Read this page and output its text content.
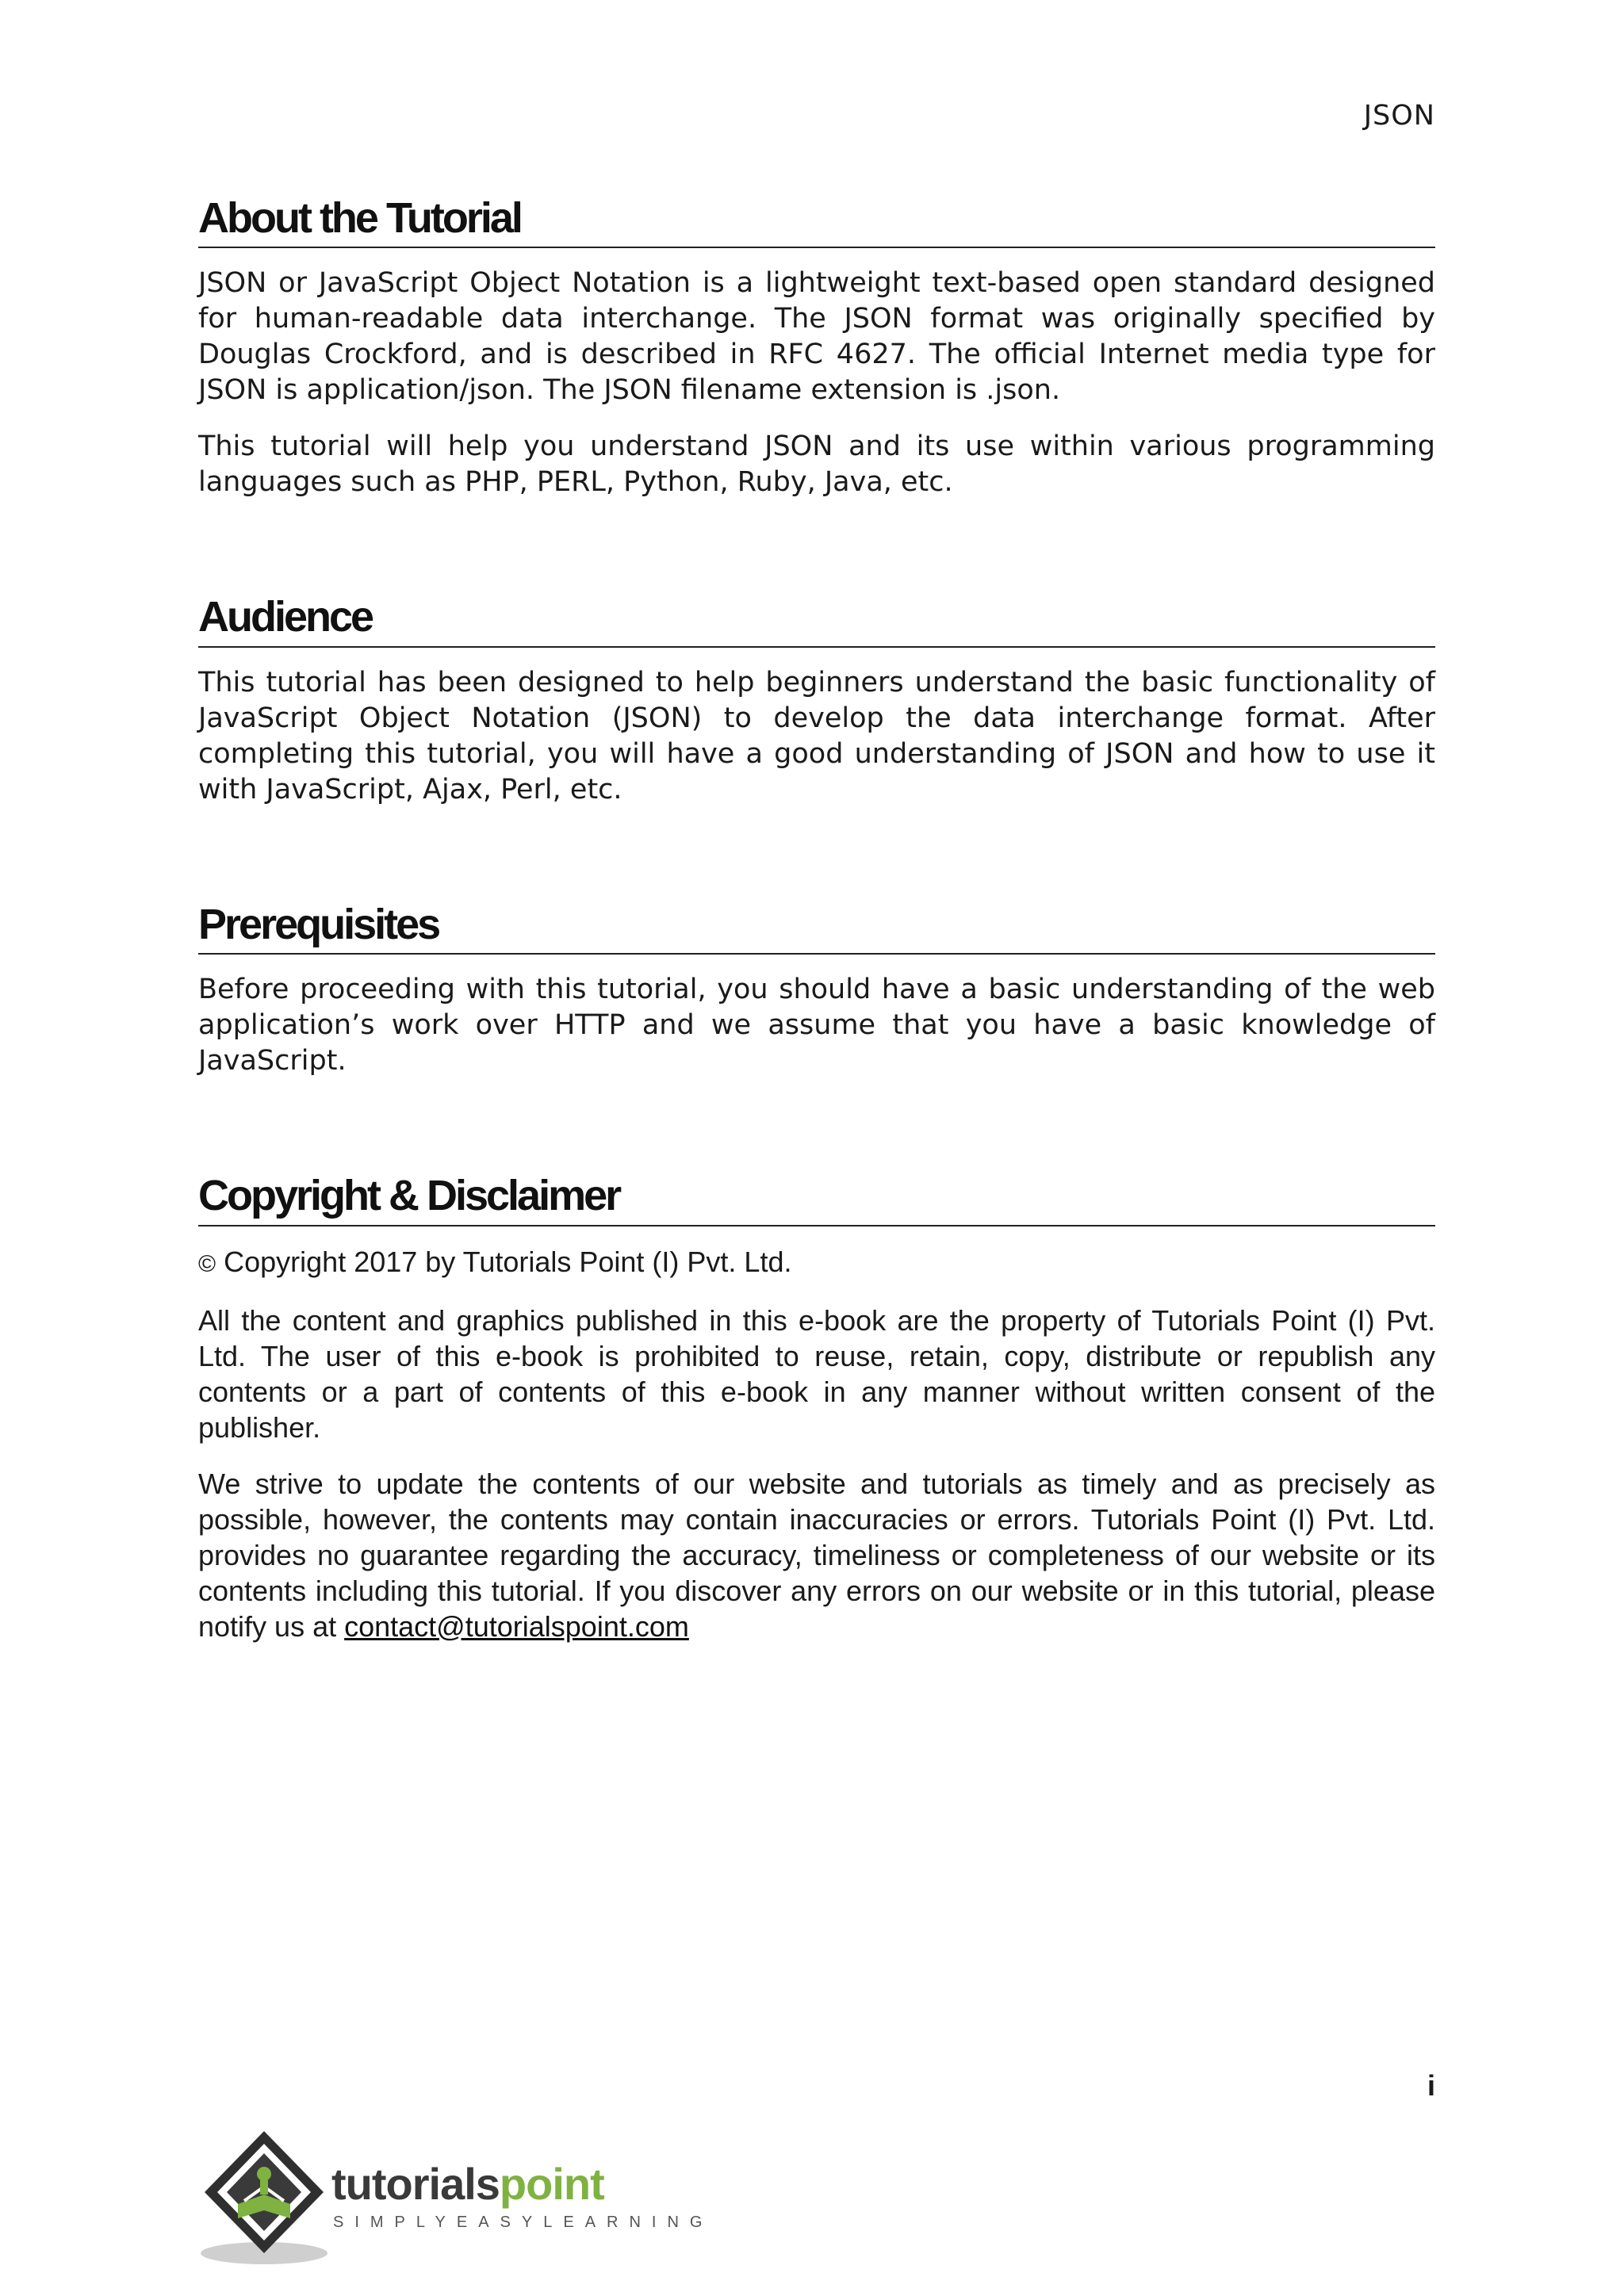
JSON
About the Tutorial

JSON or JavaScript Object Notation is a lightweight text-based open standard designed for human-readable data interchange. The JSON format was originally specified by Douglas Crockford, and is described in RFC 4627. The official Internet media type for JSON is application/json. The JSON filename extension is .json.

This tutorial will help you understand JSON and its use within various programming languages such as PHP, PERL, Python, Ruby, Java, etc.

Audience

This tutorial has been designed to help beginners understand the basic functionality of JavaScript Object Notation (JSON) to develop the data interchange format. After completing this tutorial, you will have a good understanding of JSON and how to use it with JavaScript, Ajax, Perl, etc.

Prerequisites

Before proceeding with this tutorial, you should have a basic understanding of the web application’s work over HTTP and we assume that you have a basic knowledge of JavaScript.

Copyright & Disclaimer

© Copyright 2017 by Tutorials Point (I) Pvt. Ltd.

All the content and graphics published in this e-book are the property of Tutorials Point (I) Pvt. Ltd. The user of this e-book is prohibited to reuse, retain, copy, distribute or republish any contents or a part of contents of this e-book in any manner without written consent of the publisher.

We strive to update the contents of our website and tutorials as timely and as precisely as possible, however, the contents may contain inaccuracies or errors. Tutorials Point (I) Pvt. Ltd. provides no guarantee regarding the accuracy, timeliness or completeness of our website or its contents including this tutorial. If you discover any errors on our website or in this tutorial, please notify us at contact@tutorialspoint.com

i
tutorialspoint
SIMPLYEASYLEARNING
